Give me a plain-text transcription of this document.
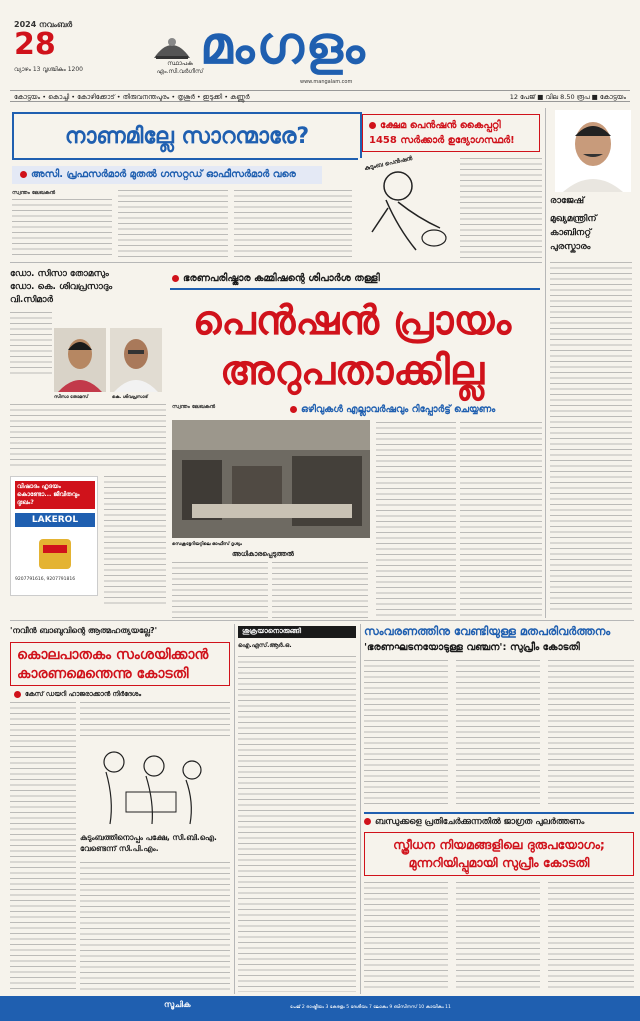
2024 നവംബർ
28
വ്യാഴം 13 വൃശ്ചികം 1200
സ്ഥാപക എം.സി.വർഗീസ്
മംഗളം
www.mangalam.com
കോട്ടയം • കൊച്ചി • കോഴിക്കോട് • തിരുവനന്തപുരം • തൃശൂർ • ഇടുക്കി • കണ്ണൂർ	12 പേജ് ■ വില 8.50 രൂപ ■ കോട്ടയം
നാണമില്ലേ സാറന്മാരേ?
അസി. പ്രഫസർമാർ മുതൽ ഗസറ്റഡ് ഓഫീസർമാർ വരെ
സ്വന്തം ലേഖകൻ
ക്ഷേമ പെൻഷൻ കൈപ്പറ്റി
1458 സർക്കാർ ഉദ്യോഗസ്ഥർ!
കുടുംബ പെൻഷൻ
രാജേഷ്
മുഖ്യമന്ത്രിന് കാബിനറ്റ് പുരസ്കാരം
ഡോ. സിസാ തോമസും ഡോ. കെ. ശിവപ്രസാദും വി.സിമാർ
സിസാ തോമസ്	കെ. ശിവപ്രസാദ്
വിഷാദം ഹൃദയം കൊണ്ടോ... ജീവിതവും ദുഃഖം?
LAKEROL
9207791616, 9207791816
ഭരണപരിഷ്കാര കമ്മിഷന്റെ ശിപാർശ തള്ളി
പെൻഷൻ പ്രായം
അറുപതാക്കില്ല
ഒഴിവുകൾ എല്ലാവർഷവും റിപ്പോർട്ട് ചെയ്യണം
സ്വന്തം ലേഖകൻ
സെക്രട്ടേറിയറ്റിലെ ഓഫീസ് ദൃശ്യം
അധികാരപ്പെടുത്തൽ
'നവീൻ ബാബുവിന്റെ ആത്മഹത്യയല്ലേ?'
കൊലപാതകം സംശയിക്കാൻ
കാരണമെന്തെന്നു കോടതി
കേസ് ഡയറി ഹാജരാക്കാൻ നിർദേശം
കുടുംബത്തിനൊപ്പം പക്ഷേ, സി.ബി.ഐ. വേണ്ടെന്ന് സി.പി.എം.
ശുക്രയാനൊരുങ്ങി
ഐ.എസ്.ആർ.ഒ.
സംവരണത്തിനു വേണ്ടിയുള്ള മതപരിവർത്തനം
'ഭരണഘടനയോടുള്ള വഞ്ചന': സുപ്രീം കോടതി
ബന്ധുക്കളെ പ്രതിചേർക്കുന്നതിൽ ജാഗ്രത പുലർത്തണം
സ്ത്രീധന നിയമങ്ങളിലെ ദുരുപയോഗം;
മുന്നറിയിപ്പുമായി സുപ്രീം കോടതി
സൂചിക	പേജ് 2 രാഷ്ട്രീയം 3 കേരളം 5 ദേശീയം 7 ലോകം 9 ബിസിനസ് 10 കായികം 11
